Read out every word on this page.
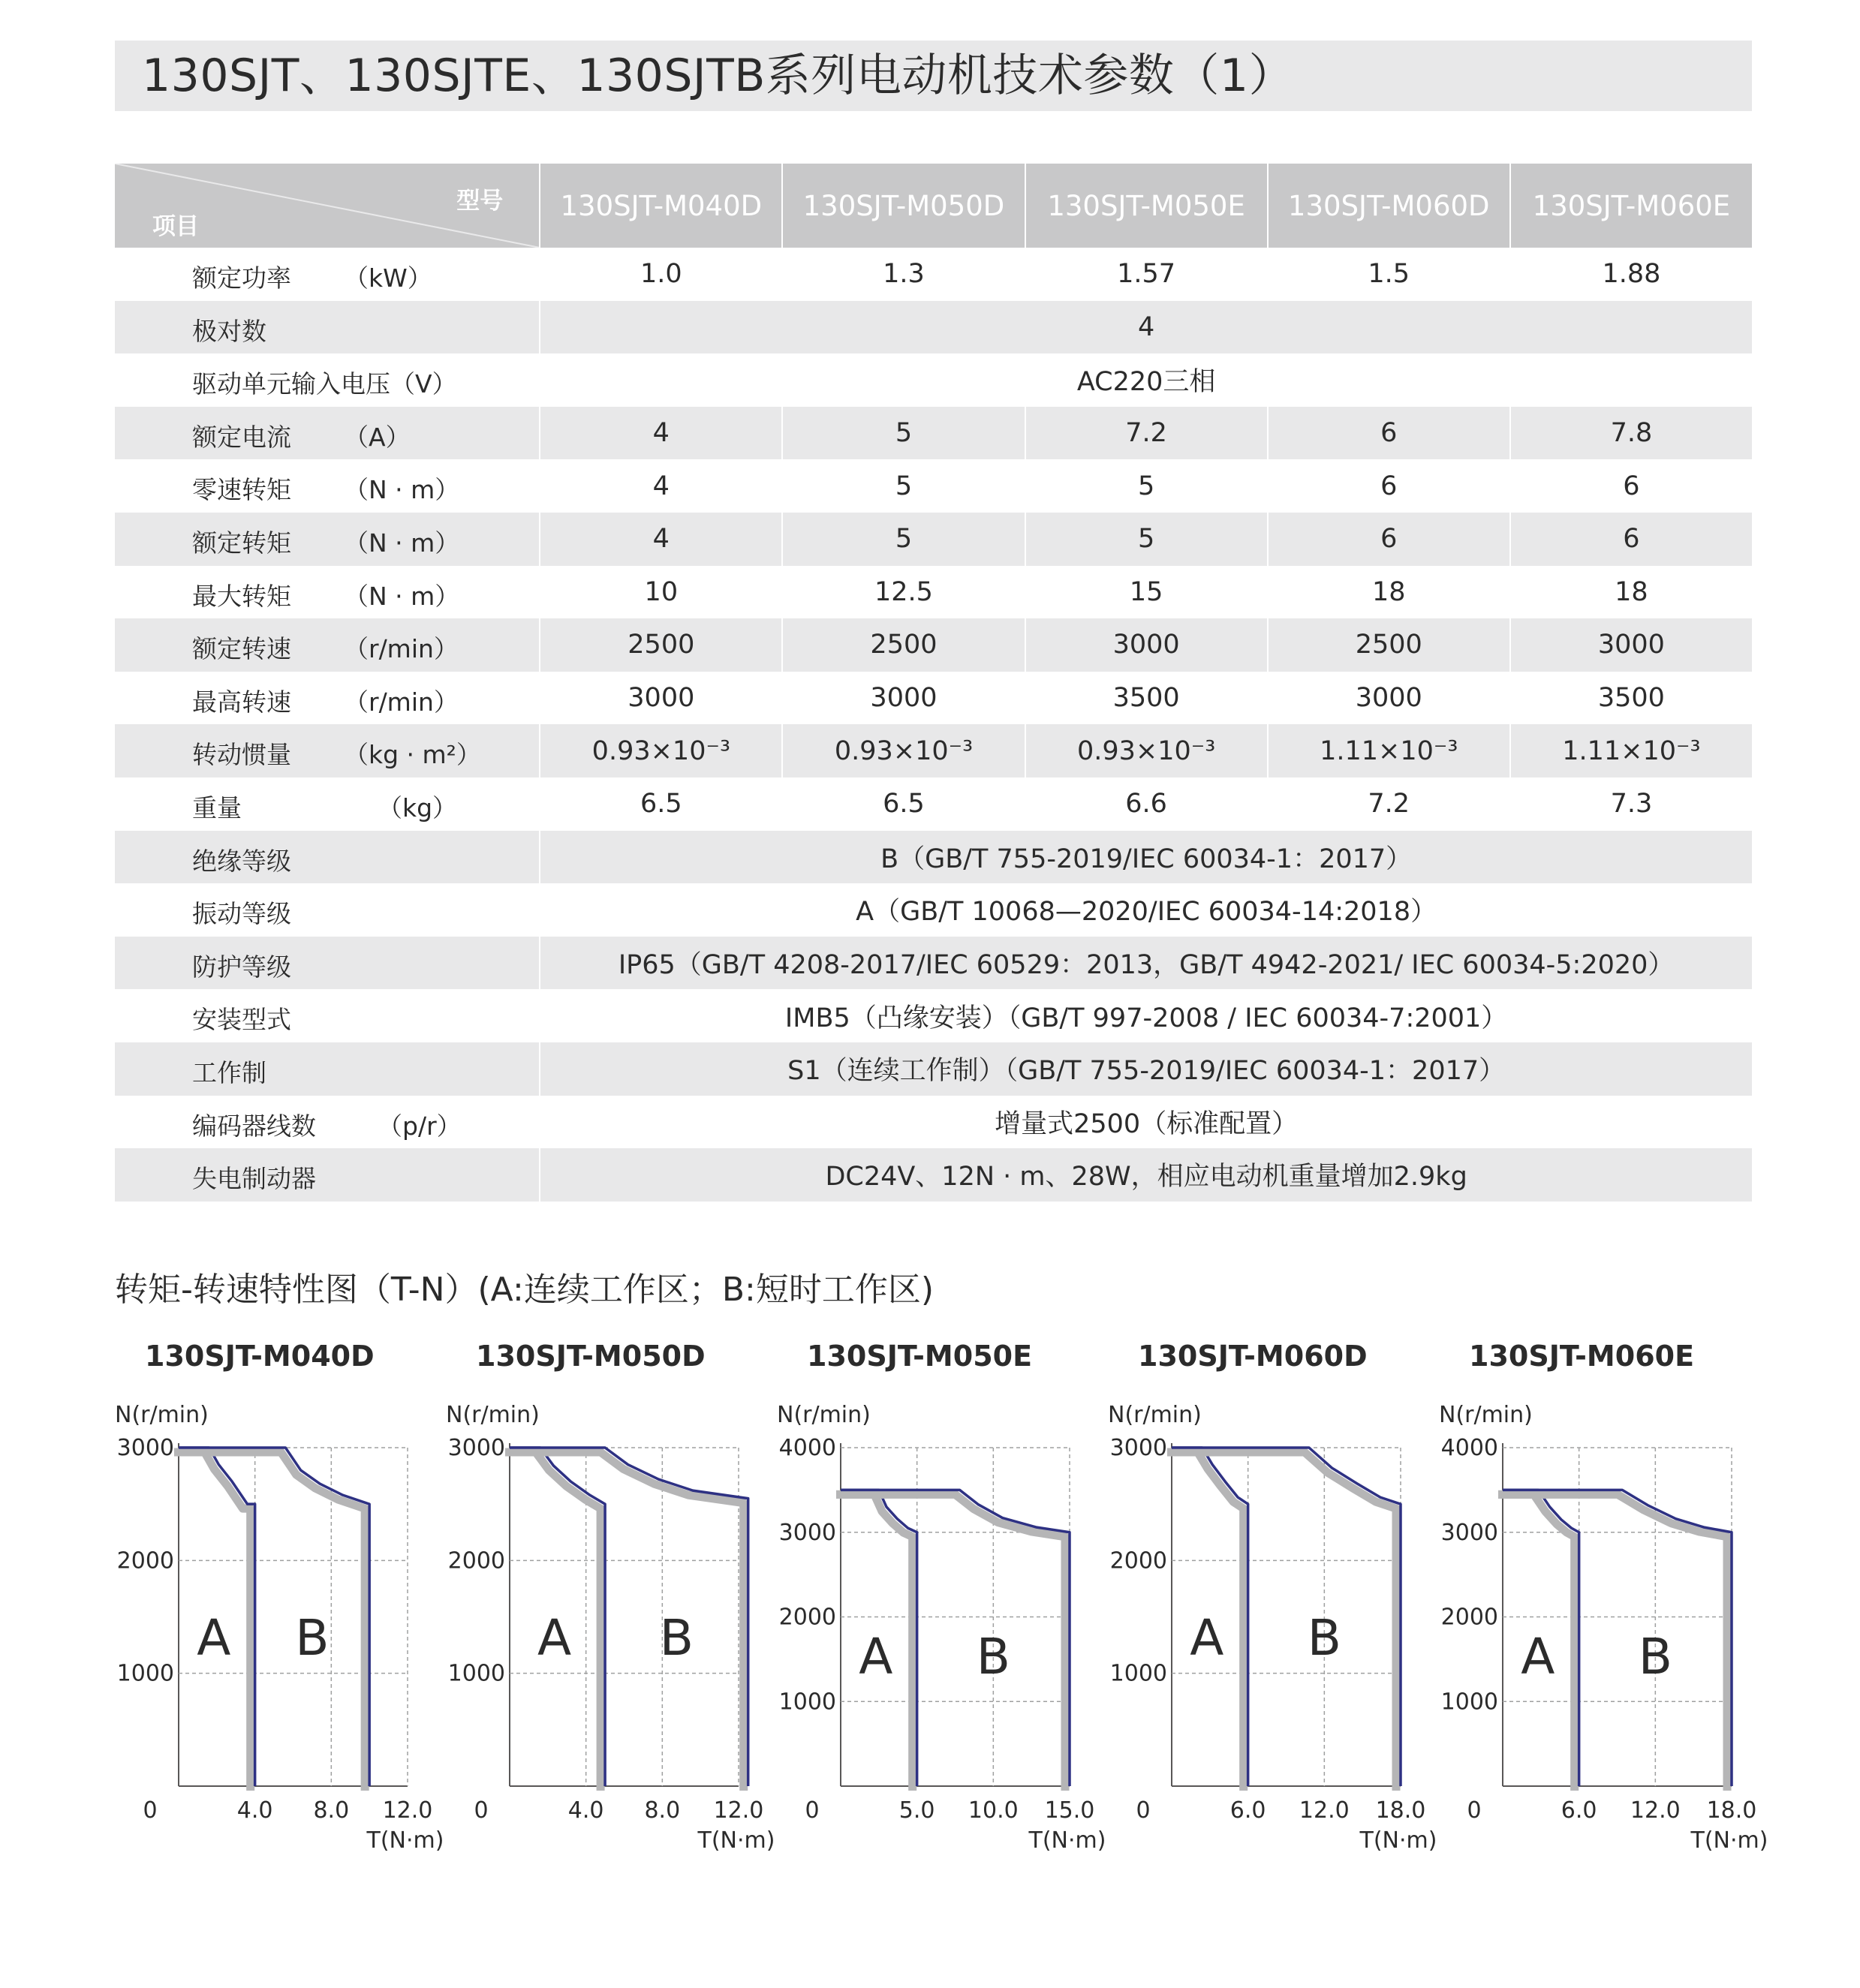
130SJT、130SJTE、130SJTB系列电动机技术参数（1）
型号
项目	130SJT-M040D	130SJT-M050D	130SJT-M050E	130SJT-M060D	130SJT-M060E

额定功率 （kW）	1.0	1.3	1.57	1.5	1.88

极对数	4				

驱动单元输入电压（V）	AC220三相				

额定电流 （A）	4	5	7.2	6	7.8

零速转矩 （N · m）	4	5	5	6	6

额定转矩 （N · m）	4	5	5	6	6

最大转矩 （N · m）	10	12.5	15	18	18

额定转速 （r/min）	2500	2500	3000	2500	3000

最高转速 （r/min）	3000	3000	3500	3000	3500

转动惯量 （kg · m²）	0.93×10⁻³	0.93×10⁻³	0.93×10⁻³	1.11×10⁻³	1.11×10⁻³

重量 （kg）	6.5	6.5	6.6	7.2	7.3

绝缘等级	B（GB/T 755-2019/IEC 60034-1：2017）				

振动等级	A（GB/T 10068—2020/IEC 60034-14:2018）				

防护等级	IP65（GB/T 4208-2017/IEC 60529：2013，GB/T 4942-2021/ IEC 60034-5:2020）				

安装型式	IMB5（凸缘安装）（GB/T 997-2008 / IEC 60034-7:2001）				

工作制	S1（连续工作制）（GB/T 755-2019/IEC 60034-1：2017）				

编码器线数 （p/r）	增量式2500（标准配置）				

失电制动器	DC24V、12N · m、28W，相应电动机重量增加2.9kg				
转矩-转速特性图（T-N）(A:连续工作区；B:短时工作区)
130SJT-M040D
0	4.0 8.0 12.0
1000
2000
3000
N(r/min)
T(N·m)
A B
130SJT-M050D
0	4.0 8.0 12.0
1000
2000
3000
N(r/min)
T(N·m)
A B
130SJT-M050E
0	5.0 10.0 15.0
1000
2000
3000
4000
N(r/min)
T(N·m)
A B
130SJT-M060D
0	6.0 12.0 18.0
1000
2000
3000
N(r/min)
T(N·m)
A B
130SJT-M060E
0	6.0 12.0 18.0
1000
2000
3000
4000
N(r/min)
T(N·m)
A B
